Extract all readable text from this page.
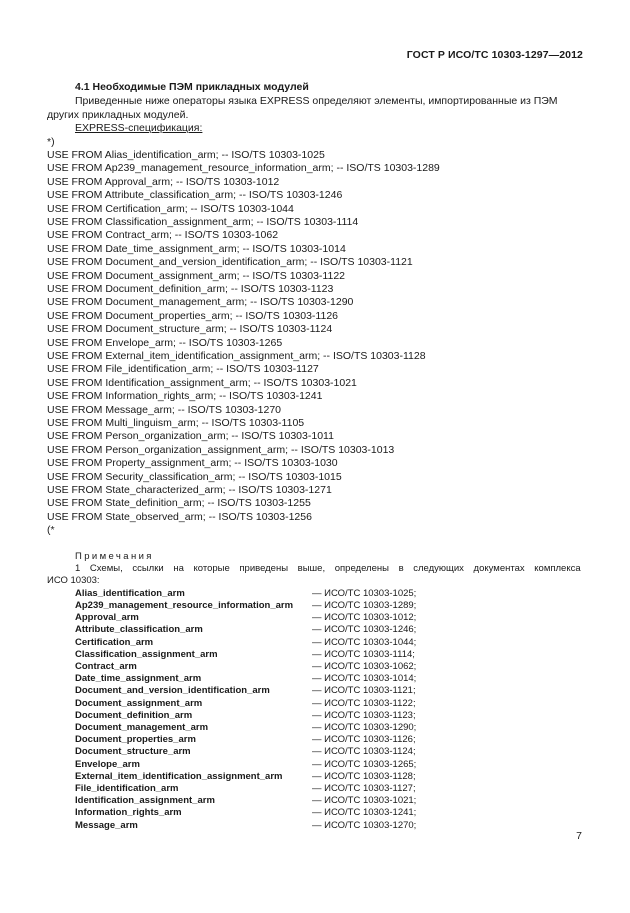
ГОСТ Р ИСО/ТС 10303-1297—2012
4.1 Необходимые ПЭМ прикладных модулей
Приведенные ниже операторы языка EXPRESS определяют элементы, импортированные из ПЭМ других прикладных модулей.
EXPRESS-спецификация:
*)
USE FROM Alias_identification_arm; -- ISO/TS 10303-1025
USE FROM Ap239_management_resource_information_arm; -- ISO/TS 10303-1289
USE FROM Approval_arm; -- ISO/TS 10303-1012
USE FROM Attribute_classification_arm; -- ISO/TS 10303-1246
USE FROM Certification_arm; -- ISO/TS 10303-1044
USE FROM Classification_assignment_arm; -- ISO/TS 10303-1114
USE FROM Contract_arm; -- ISO/TS 10303-1062
USE FROM Date_time_assignment_arm; -- ISO/TS 10303-1014
USE FROM Document_and_version_identification_arm; -- ISO/TS 10303-1121
USE FROM Document_assignment_arm; -- ISO/TS 10303-1122
USE FROM Document_definition_arm; -- ISO/TS 10303-1123
USE FROM Document_management_arm; -- ISO/TS 10303-1290
USE FROM Document_properties_arm; -- ISO/TS 10303-1126
USE FROM Document_structure_arm; -- ISO/TS 10303-1124
USE FROM Envelope_arm; -- ISO/TS 10303-1265
USE FROM External_item_identification_assignment_arm; -- ISO/TS 10303-1128
USE FROM File_identification_arm; -- ISO/TS 10303-1127
USE FROM Identification_assignment_arm; -- ISO/TS 10303-1021
USE FROM Information_rights_arm; -- ISO/TS 10303-1241
USE FROM Message_arm; -- ISO/TS 10303-1270
USE FROM Multi_linguism_arm; -- ISO/TS 10303-1105
USE FROM Person_organization_arm; -- ISO/TS 10303-1011
USE FROM Person_organization_assignment_arm; -- ISO/TS 10303-1013
USE FROM Property_assignment_arm; -- ISO/TS 10303-1030
USE FROM Security_classification_arm; -- ISO/TS 10303-1015
USE FROM State_characterized_arm; -- ISO/TS 10303-1271
USE FROM State_definition_arm; -- ISO/TS 10303-1255
USE FROM State_observed_arm; -- ISO/TS 10303-1256
(*
Примечания
1 Схемы, ссылки на которые приведены выше, определены в следующих документах комплекса
ИСО 10303:
Alias_identification_arm	— ИСО/ТС 10303-1025;
Ap239_management_resource_information_arm	— ИСО/ТС 10303-1289;
Approval_arm	— ИСО/ТС 10303-1012;
Attribute_classification_arm	— ИСО/ТС 10303-1246;
Certification_arm	— ИСО/ТС 10303-1044;
Classification_assignment_arm	— ИСО/ТС 10303-1114;
Contract_arm	— ИСО/ТС 10303-1062;
Date_time_assignment_arm	— ИСО/ТС 10303-1014;
Document_and_version_identification_arm	— ИСО/ТС 10303-1121;
Document_assignment_arm	— ИСО/ТС 10303-1122;
Document_definition_arm	— ИСО/ТС 10303-1123;
Document_management_arm	— ИСО/ТС 10303-1290;
Document_properties_arm	— ИСО/ТС 10303-1126;
Document_structure_arm	— ИСО/ТС 10303-1124;
Envelope_arm	— ИСО/ТС 10303-1265;
External_item_identification_assignment_arm	— ИСО/ТС 10303-1128;
File_identification_arm	— ИСО/ТС 10303-1127;
Identification_assignment_arm	— ИСО/ТС 10303-1021;
Information_rights_arm	— ИСО/ТС 10303-1241;
Message_arm	— ИСО/ТС 10303-1270;
7
